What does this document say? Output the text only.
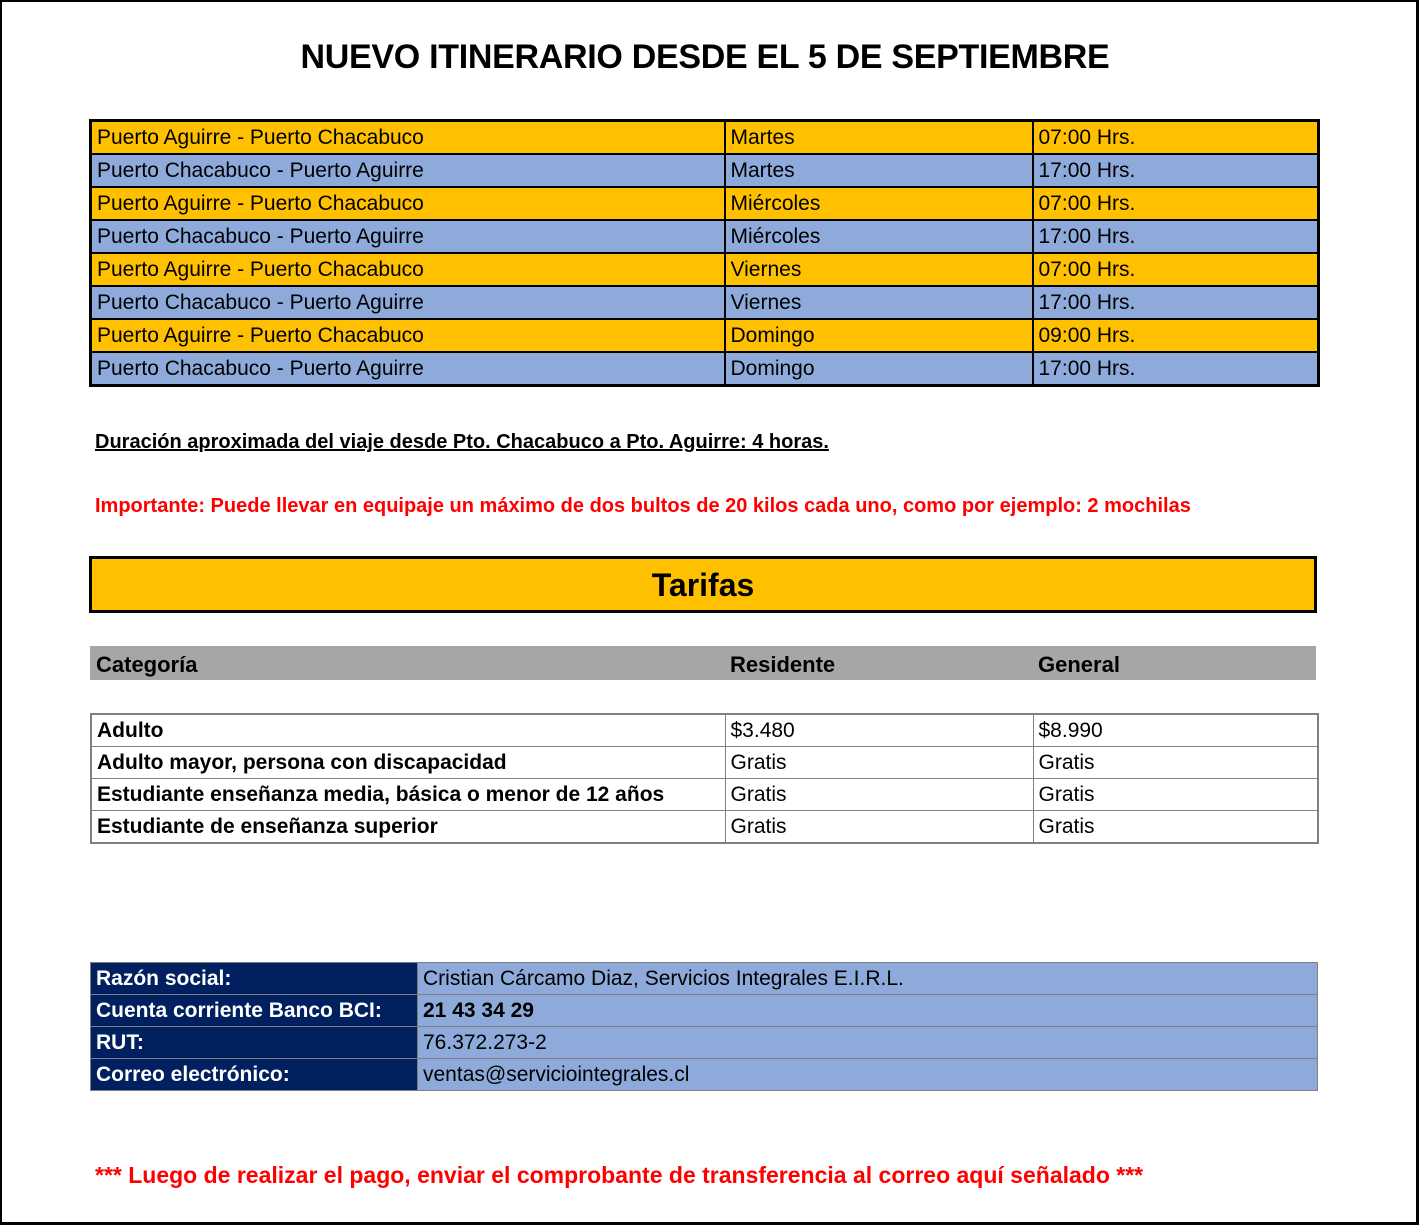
NUEVO ITINERARIO DESDE EL 5 DE SEPTIEMBRE
Puerto Aguirre - Puerto Chacabuco	Martes	07:00 Hrs.
Puerto Chacabuco - Puerto Aguirre	Martes	17:00 Hrs.
Puerto Aguirre - Puerto Chacabuco	Miércoles	07:00 Hrs.
Puerto Chacabuco - Puerto Aguirre	Miércoles	17:00 Hrs.
Puerto Aguirre - Puerto Chacabuco	Viernes	07:00 Hrs.
Puerto Chacabuco - Puerto Aguirre	Viernes	17:00 Hrs.
Puerto Aguirre - Puerto Chacabuco	Domingo	09:00 Hrs.
Puerto Chacabuco - Puerto Aguirre	Domingo	17:00 Hrs.
Duración aproximada del viaje desde Pto. Chacabuco a Pto. Aguirre: 4 horas.
Importante: Puede llevar en equipaje un máximo de dos bultos de 20 kilos cada uno, como por ejemplo: 2 mochilas
Tarifas
Categoría	Residente	General
Adulto	$3.480	$8.990
Adulto mayor, persona con discapacidad	Gratis	Gratis
Estudiante enseñanza media, básica o menor de 12 años	Gratis	Gratis
Estudiante de enseñanza superior	Gratis	Gratis
Razón social:	Cristian Cárcamo Diaz, Servicios Integrales E.I.R.L.
Cuenta corriente Banco BCI:	21 43 34 29
RUT:	76.372.273-2
Correo electrónico:	ventas@serviciointegrales.cl
*** Luego de realizar el pago, enviar el comprobante de transferencia al correo aquí señalado ***
